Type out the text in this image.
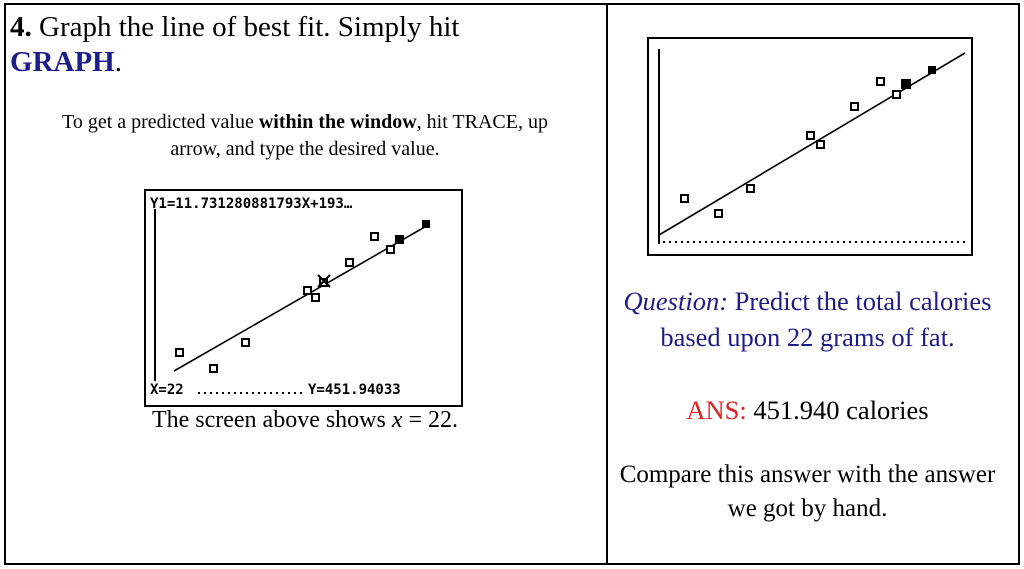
4. Graph the line of best fit. Simply hit
GRAPH.
To get a predicted value within the window, hit TRACE, up arrow, and type the desired value.
Y1=11.731280881793X+193…
X=22	Y=451.94033
The screen above shows x = 22.
Question: Predict the total calories based upon 22 grams of fat.
ANS: 451.940 calories
Compare this answer with the answer we got by hand.
